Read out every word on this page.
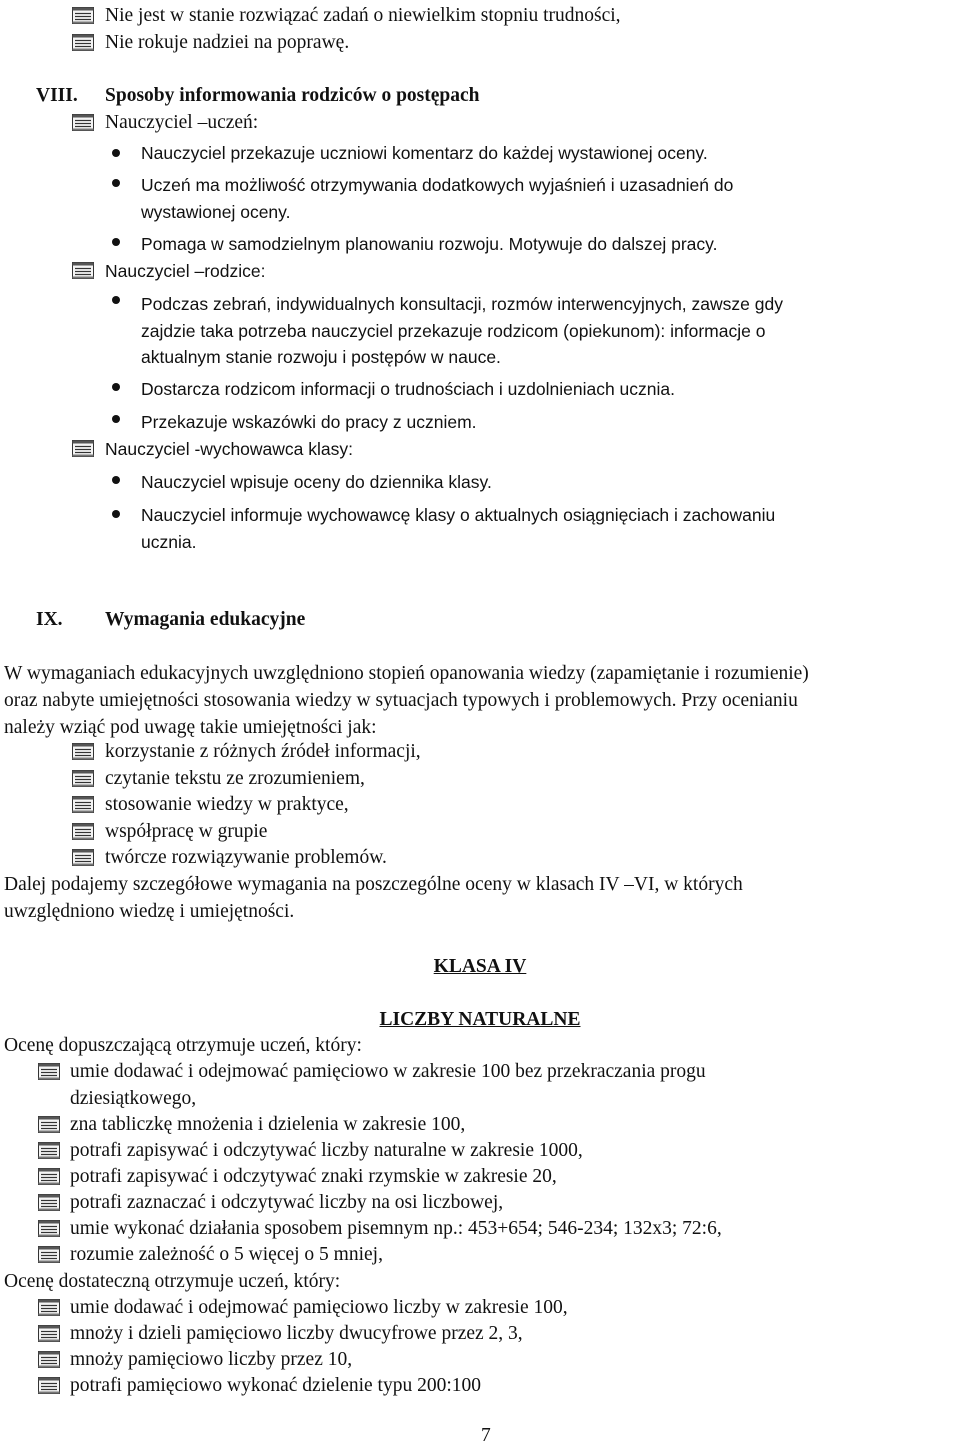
Nie jest w stanie rozwiązać zadań o niewielkim stopniu trudności,
Nie rokuje nadziei na poprawę.
VIII. Sposoby informowania rodziców o postępach
Nauczyciel –uczeń:
Nauczyciel przekazuje uczniowi komentarz do każdej wystawionej oceny.
Uczeń ma możliwość otrzymywania dodatkowych wyjaśnień i uzasadnień do
wystawionej oceny.
Pomaga w samodzielnym planowaniu rozwoju. Motywuje do dalszej pracy.
Nauczyciel –rodzice:
Podczas zebrań, indywidualnych konsultacji, rozmów interwencyjnych, zawsze gdy
zajdzie taka potrzeba nauczyciel przekazuje rodzicom (opiekunom): informacje o
aktualnym stanie rozwoju i postępów w nauce.
Dostarcza rodzicom informacji o trudnościach i uzdolnieniach ucznia.
Przekazuje wskazówki do pracy z uczniem.
Nauczyciel -wychowawca klasy:
Nauczyciel wpisuje oceny do dziennika klasy.
Nauczyciel informuje wychowawcę klasy o aktualnych osiągnięciach i zachowaniu
ucznia.
IX. Wymagania edukacyjne
W wymaganiach edukacyjnych uwzględniono stopień opanowania wiedzy (zapamiętanie i rozumienie)
oraz nabyte umiejętności stosowania wiedzy w sytuacjach typowych i problemowych. Przy ocenianiu
należy wziąć pod uwagę takie umiejętności jak:
korzystanie z różnych źródeł informacji,
czytanie tekstu ze zrozumieniem,
stosowanie wiedzy w praktyce,
współpracę w grupie
twórcze rozwiązywanie problemów.
Dalej podajemy szczegółowe wymagania na poszczególne oceny w klasach IV –VI, w których
uwzględniono wiedzę i umiejętności.
KLASA IV
LICZBY NATURALNE
Ocenę dopuszczającą otrzymuje uczeń, który:
umie dodawać i odejmować pamięciowo w zakresie 100 bez przekraczania progu
dziesiątkowego,
zna tabliczkę mnożenia i dzielenia w zakresie 100,
potrafi zapisywać i odczytywać liczby naturalne w zakresie 1000,
potrafi zapisywać i odczytywać znaki rzymskie w zakresie 20,
potrafi zaznaczać i odczytywać liczby na osi liczbowej,
umie wykonać działania sposobem pisemnym np.: 453+654; 546-234; 132x3; 72:6,
rozumie zależność o 5 więcej o 5 mniej,
Ocenę dostateczną otrzymuje uczeń, który:
umie dodawać i odejmować pamięciowo liczby w zakresie 100,
mnoży i dzieli pamięciowo liczby dwucyfrowe przez 2, 3,
mnoży pamięciowo liczby przez 10,
potrafi pamięciowo wykonać dzielenie typu 200:100
7
